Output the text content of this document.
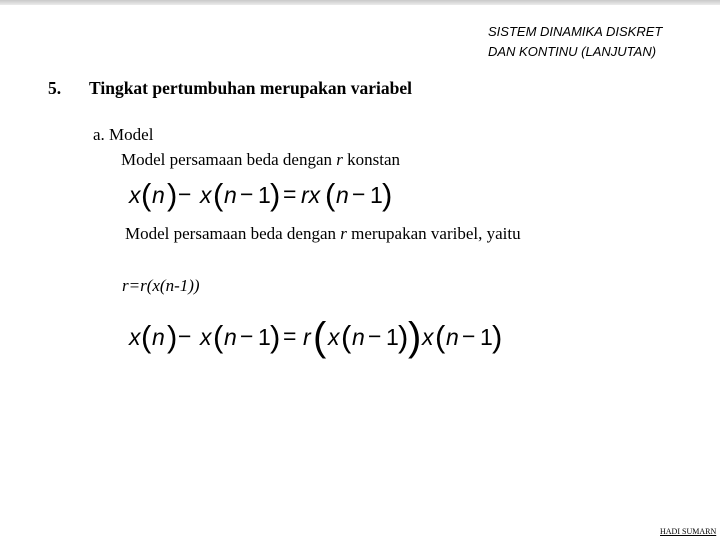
SISTEM DINAMIKA DISKRET
DAN KONTINU (LANJUTAN)
5. Tingkat pertumbuhan merupakan variabel
a. Model
Model persamaan beda dengan r konstan
x ( n ) − x ( n − 1 ) = rx ( n − 1 )
Model persamaan beda dengan r merupakan varibel, yaitu
r=r(x(n-1))
x ( n ) − x ( n − 1 ) = r ( x ( n − 1 ) ) x ( n − 1 )
HADI SUMARN
